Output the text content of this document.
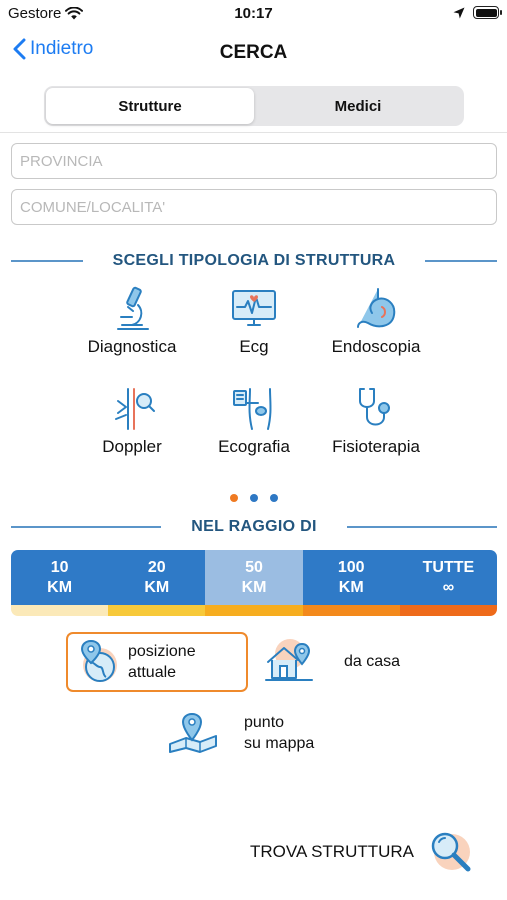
Gestore	10:17
Indietro	CERCA
Strutture	Medici
PROVINCIA
COMUNE/LOCALITA'
SCEGLI TIPOLOGIA DI STRUTTURA
Diagnostica	Ecg	Endoscopia
Doppler	Ecografia	Fisioterapia
NEL RAGGIO DI
10
KM
20
KM
50
KM
100
KM
TUTTE
∞
posizione
attuale
da casa
punto
su mappa
TROVA STRUTTURA
